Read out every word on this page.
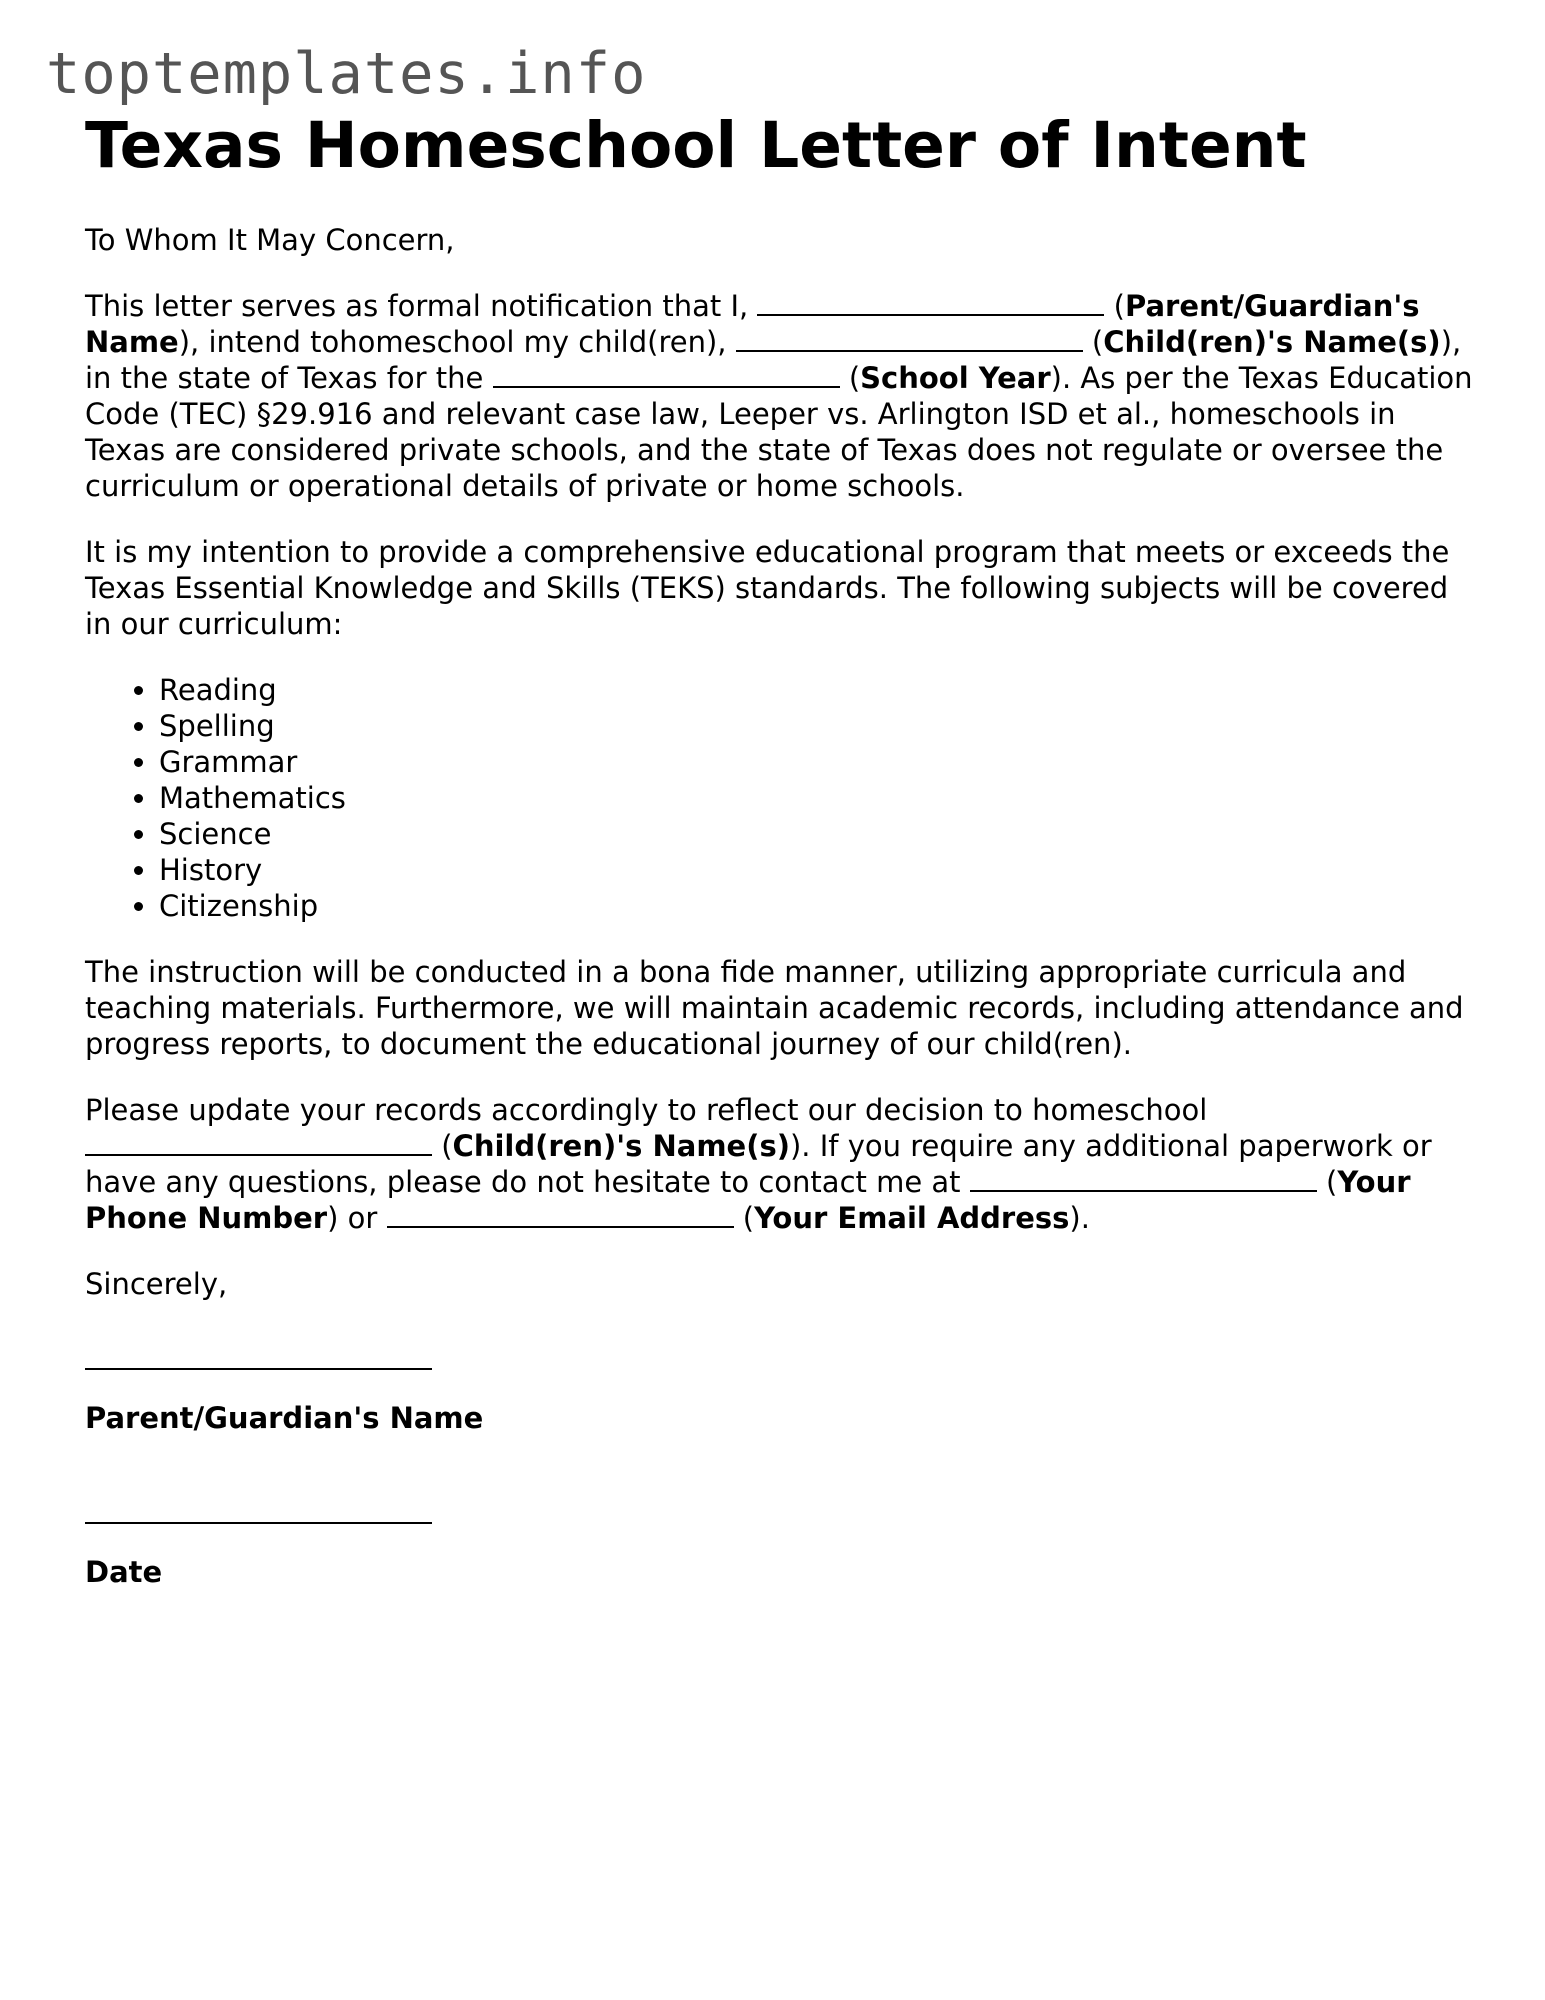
toptemplates.info
Texas Homeschool Letter of Intent

To Whom It May Concern,

This letter serves as formal notification that I,	(Parent/Guardian's Name), intend tohomeschool my child(ren),	(Child(ren)'s Name(s)), in the state of Texas for the	(School Year). As per the Texas Education Code (TEC) §29.916 and relevant case law, Leeper vs. Arlington ISD et al., homeschools in Texas are considered private schools, and the state of Texas does not regulate or oversee the curriculum or operational details of private or home schools.

It is my intention to provide a comprehensive educational program that meets or exceeds the Texas Essential Knowledge and Skills (TEKS) standards. The following subjects will be covered in our curriculum:

• Reading
• Spelling
• Grammar
• Mathematics
• Science
• History
• Citizenship

The instruction will be conducted in a bona fide manner, utilizing appropriate curricula and teaching materials. Furthermore, we will maintain academic records, including attendance and progress reports, to document the educational journey of our child(ren).

Please update your records accordingly to reflect our decision to homeschool  (Child(ren)'s Name(s)). If you require any additional paperwork or have any questions, please do not hesitate to contact me at	(Your Phone Number) or	(Your Email Address).

Sincerely,

Parent/Guardian's Name

Date
